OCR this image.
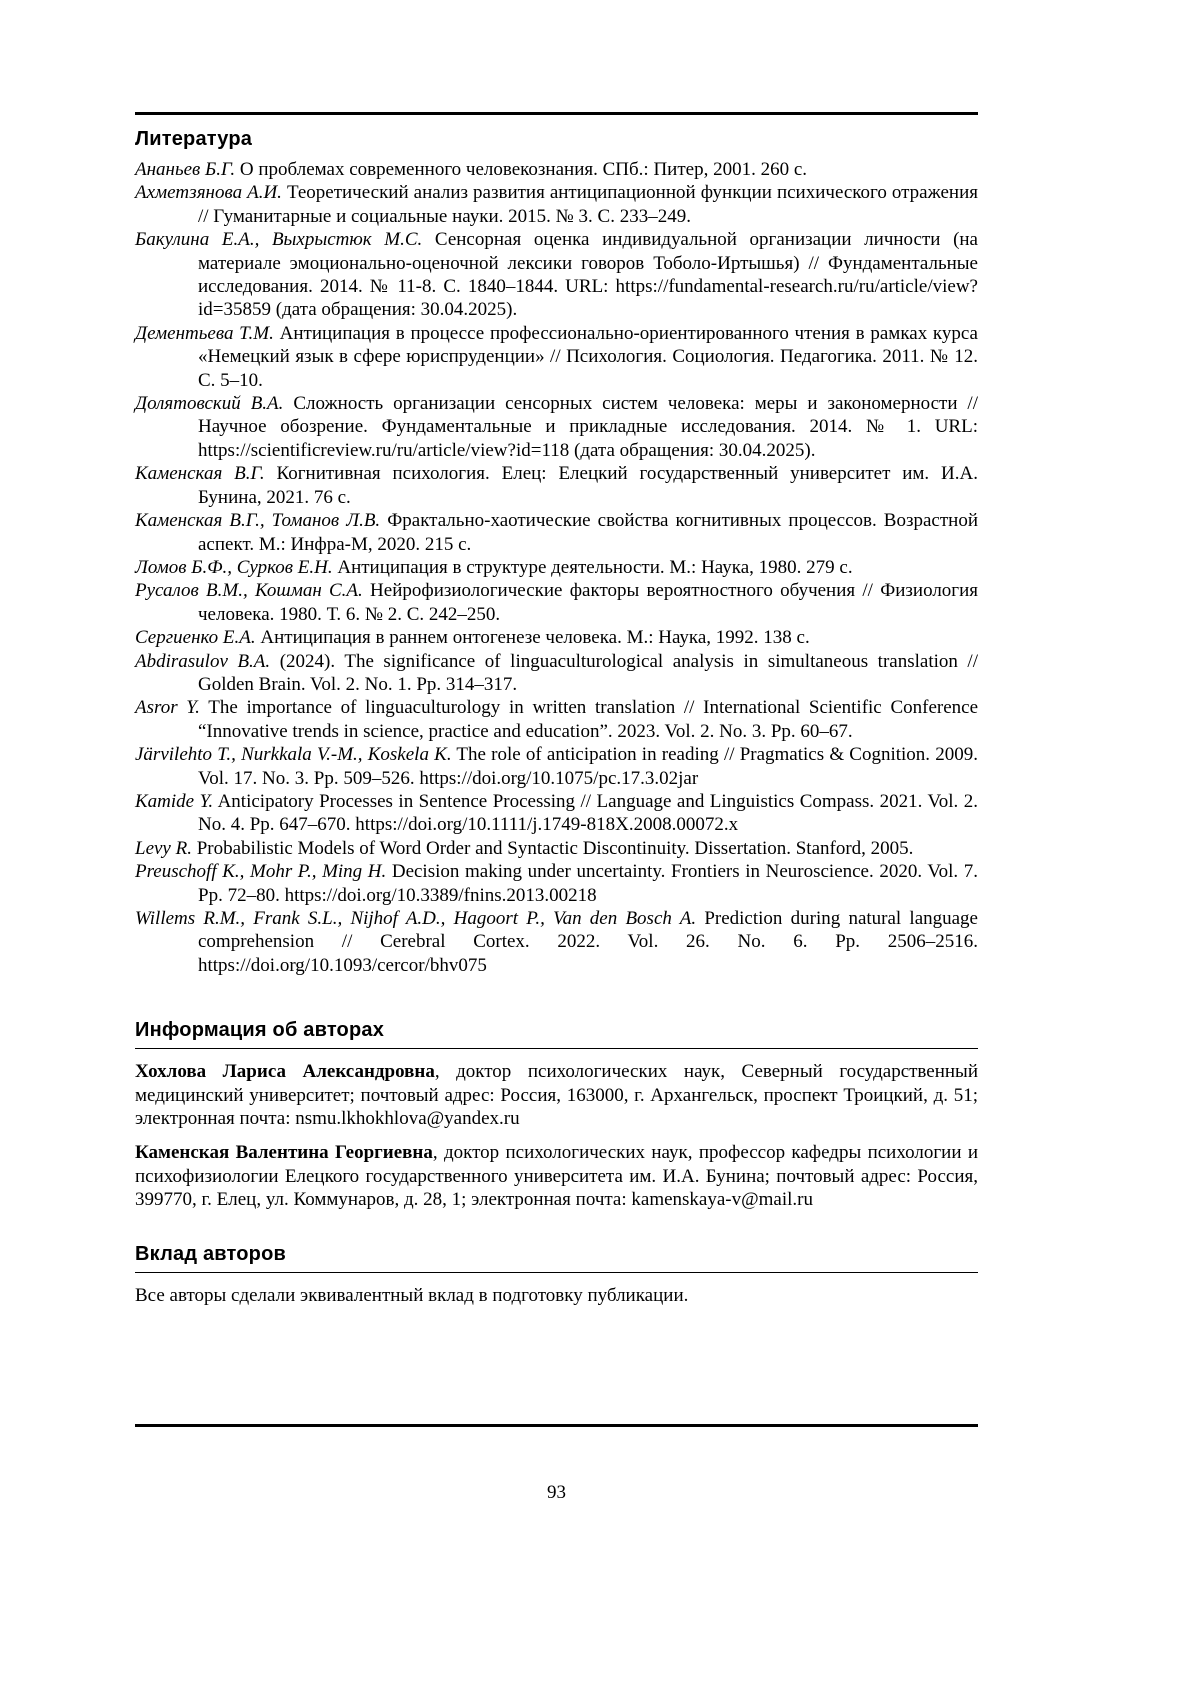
Литература

Ананьев Б.Г. О проблемах современного человекознания. СПб.: Питер, 2001. 260 с.

Ахметзянова А.И. Теоретический анализ развития антиципационной функции психического отражения // Гуманитарные и социальные науки. 2015. № 3. С. 233–249.

Бакулина Е.А., Выхрыстюк М.С. Сенсорная оценка индивидуальной организации личности (на материале эмоционально-оценочной лексики говоров Тоболо-Иртышья) // Фундаментальные исследования. 2014. № 11-8. С. 1840–1844. URL: https://fundamental-research.ru/ru/article/view?id=35859 (дата обращения: 30.04.2025).

Дементьева Т.М. Антиципация в процессе профессионально-ориентированного чтения в рамках курса «Немецкий язык в сфере юриспруденции» // Психология. Социология. Педагогика. 2011. № 12. С. 5–10.

Долятовский В.А. Сложность организации сенсорных систем человека: меры и закономерности // Научное обозрение. Фундаментальные и прикладные исследования. 2014. № 1. URL: https://scientificreview.ru/ru/article/view?id=118 (дата обращения: 30.04.2025).

Каменская В.Г. Когнитивная психология. Елец: Елецкий государственный университет им. И.А. Бунина, 2021. 76 с.

Каменская В.Г., Томанов Л.В. Фрактально-хаотические свойства когнитивных процессов. Возрастной аспект. М.: Инфра-М, 2020. 215 с.

Ломов Б.Ф., Сурков Е.Н. Антиципация в структуре деятельности. М.: Наука, 1980. 279 с.

Русалов В.М., Кошман С.А. Нейрофизиологические факторы вероятностного обучения // Физиология человека. 1980. Т. 6. № 2. С. 242–250.

Сергиенко Е.А. Антиципация в раннем онтогенезе человека. М.: Наука, 1992. 138 с.

Abdirasulov B.A. (2024). The significance of linguaculturological analysis in simultaneous translation // Golden Brain. Vol. 2. No. 1. Pp. 314–317.

Asror Y. The importance of linguaculturology in written translation // International Scientific Conference “Innovative trends in science, practice and education”. 2023. Vol. 2. No. 3. Pp. 60–67.

Järvilehto T., Nurkkala V.-M., Koskela K. The role of anticipation in reading // Pragmatics & Cognition. 2009. Vol. 17. No. 3. Pp. 509–526. https://doi.org/10.1075/pc.17.3.02jar

Kamide Y. Anticipatory Processes in Sentence Processing // Language and Linguistics Compass. 2021. Vol. 2. No. 4. Pp. 647–670. https://doi.org/10.1111/j.1749-818X.2008.00072.x

Levy R. Probabilistic Models of Word Order and Syntactic Discontinuity. Dissertation. Stanford, 2005.

Preuschoff K., Mohr P., Ming H. Decision making under uncertainty. Frontiers in Neuroscience. 2020. Vol. 7. Pp. 72–80. https://doi.org/10.3389/fnins.2013.00218

Willems R.M., Frank S.L., Nijhof A.D., Hagoort P., Van den Bosch A. Prediction during natural language comprehension // Cerebral Cortex. 2022. Vol. 26. No. 6. Pp. 2506–2516. https://doi.org/10.1093/cercor/bhv075

Информация об авторах

Хохлова Лариса Александровна, доктор психологических наук, Северный государственный медицинский университет; почтовый адрес: Россия, 163000, г. Архангельск, проспект Троицкий, д. 51; электронная почта: nsmu.lkhokhlova@yandex.ru

Каменская Валентина Георгиевна, доктор психологических наук, профессор кафедры психологии и психофизиологии Елецкого государственного университета им. И.А. Бунина; почтовый адрес: Россия, 399770, г. Елец, ул. Коммунаров, д. 28, 1; электронная почта: kamenskaya-v@mail.ru

Вклад авторов

Все авторы сделали эквивалентный вклад в подготовку публикации.

93
